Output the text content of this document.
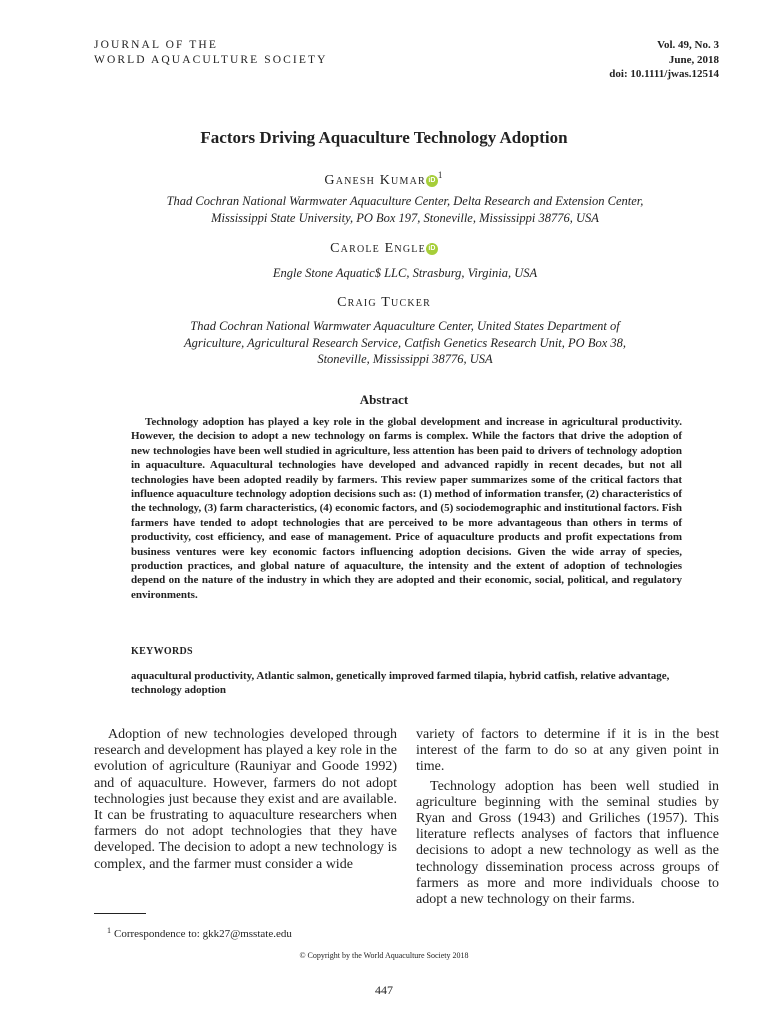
JOURNAL OF THE
WORLD AQUACULTURE SOCIETY
Vol. 49, No. 3
June, 2018
doi: 10.1111/jwas.12514
Factors Driving Aquaculture Technology Adoption
Ganesh Kumar $iD^1$
Thad Cochran National Warmwater Aquaculture Center, Delta Research and Extension Center,
Mississippi State University, PO Box 197, Stoneville, Mississippi 38776, USA
Carole Engle iD
Engle Stone Aquatic$ LLC, Strasburg, Virginia, USA
Craig Tucker
Thad Cochran National Warmwater Aquaculture Center, United States Department of
Agriculture, Agricultural Research Service, Catfish Genetics Research Unit, PO Box 38,
Stoneville, Mississippi 38776, USA
Abstract
Technology adoption has played a key role in the global development and increase in agricultural productivity. However, the decision to adopt a new technology on farms is complex. While the factors that drive the adoption of new technologies have been well studied in agriculture, less attention has been paid to drivers of technology adoption in aquaculture. Aquacultural technologies have developed and advanced rapidly in recent decades, but not all technologies have been adopted readily by farmers. This review paper summarizes some of the critical factors that influence aquaculture technology adoption decisions such as: (1) method of information transfer, (2) characteristics of the technology, (3) farm characteristics, (4) economic factors, and (5) sociodemographic and institutional factors. Fish farmers have tended to adopt technologies that are perceived to be more advantageous than others in terms of productivity, cost efficiency, and ease of management. Price of aquaculture products and profit expectations from business ventures were key economic factors influencing adoption decisions. Given the wide array of species, production practices, and global nature of aquaculture, the intensity and the extent of adoption of technologies depend on the nature of the industry in which they are adopted and their economic, social, political, and regulatory environments.
KEYWORDS
aquacultural productivity, Atlantic salmon, genetically improved farmed tilapia, hybrid catfish, relative advantage, technology adoption

Adoption of new technologies developed through research and development has played a key role in the evolution of agriculture (Rauniyar and Goode 1992) and of aquaculture. However, farmers do not adopt technologies just because they exist and are available. It can be frustrating to aquaculture researchers when farmers do not adopt technologies that they have developed. The decision to adopt a new technology is complex, and the farmer must consider a wide

variety of factors to determine if it is in the best interest of the farm to do so at any given point in time.

Technology adoption has been well studied in agriculture beginning with the seminal studies by Ryan and Gross (1943) and Griliches (1957). This literature reflects analyses of factors that influence decisions to adopt a new technology as well as the technology dissemination process across groups of farmers as more and more individuals choose to adopt a new technology on their farms.

$^1$ Correspondence to: gkk27@msstate.edu
© Copyright by the World Aquaculture Society 2018
447
